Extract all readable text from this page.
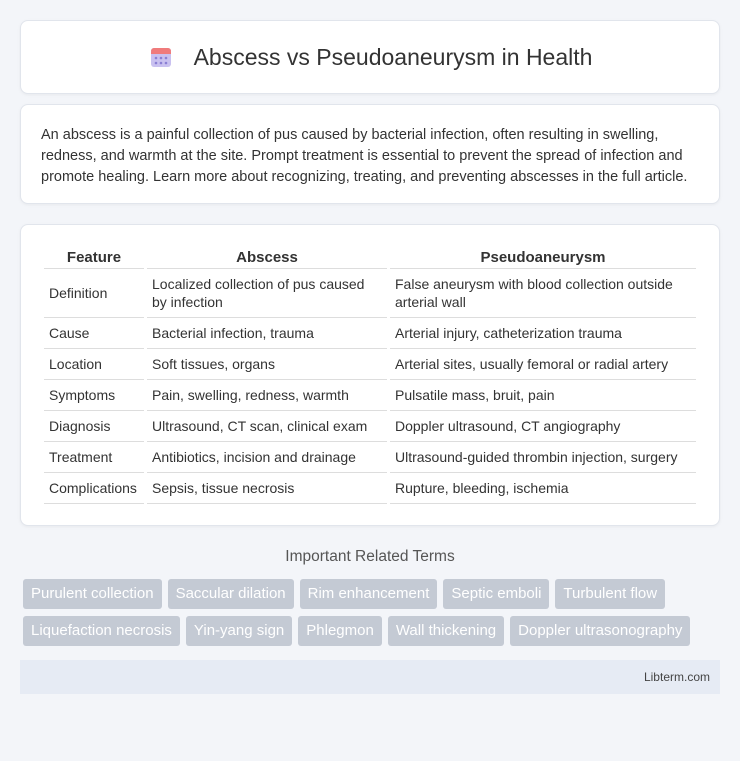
Abscess vs Pseudoaneurysm in Health

An abscess is a painful collection of pus caused by bacterial infection, often resulting in swelling, redness, and warmth at the site. Prompt treatment is essential to prevent the spread of infection and promote healing. Learn more about recognizing, treating, and preventing abscesses in the full article.

Feature	Abscess	Pseudoaneurysm
Definition	Localized collection of pus caused by infection	False aneurysm with blood collection outside arterial wall
Cause	Bacterial infection, trauma	Arterial injury, catheterization trauma
Location	Soft tissues, organs	Arterial sites, usually femoral or radial artery
Symptoms	Pain, swelling, redness, warmth	Pulsatile mass, bruit, pain
Diagnosis	Ultrasound, CT scan, clinical exam	Doppler ultrasound, CT angiography
Treatment	Antibiotics, incision and drainage	Ultrasound-guided thrombin injection, surgery
Complications	Sepsis, tissue necrosis	Rupture, bleeding, ischemia
Important Related Terms
Purulent collection	Saccular dilation	Rim enhancement	Septic emboli	Turbulent flow
Liquefaction necrosis	Yin-yang sign	Phlegmon	Wall thickening	Doppler ultrasonography
Libterm.com
